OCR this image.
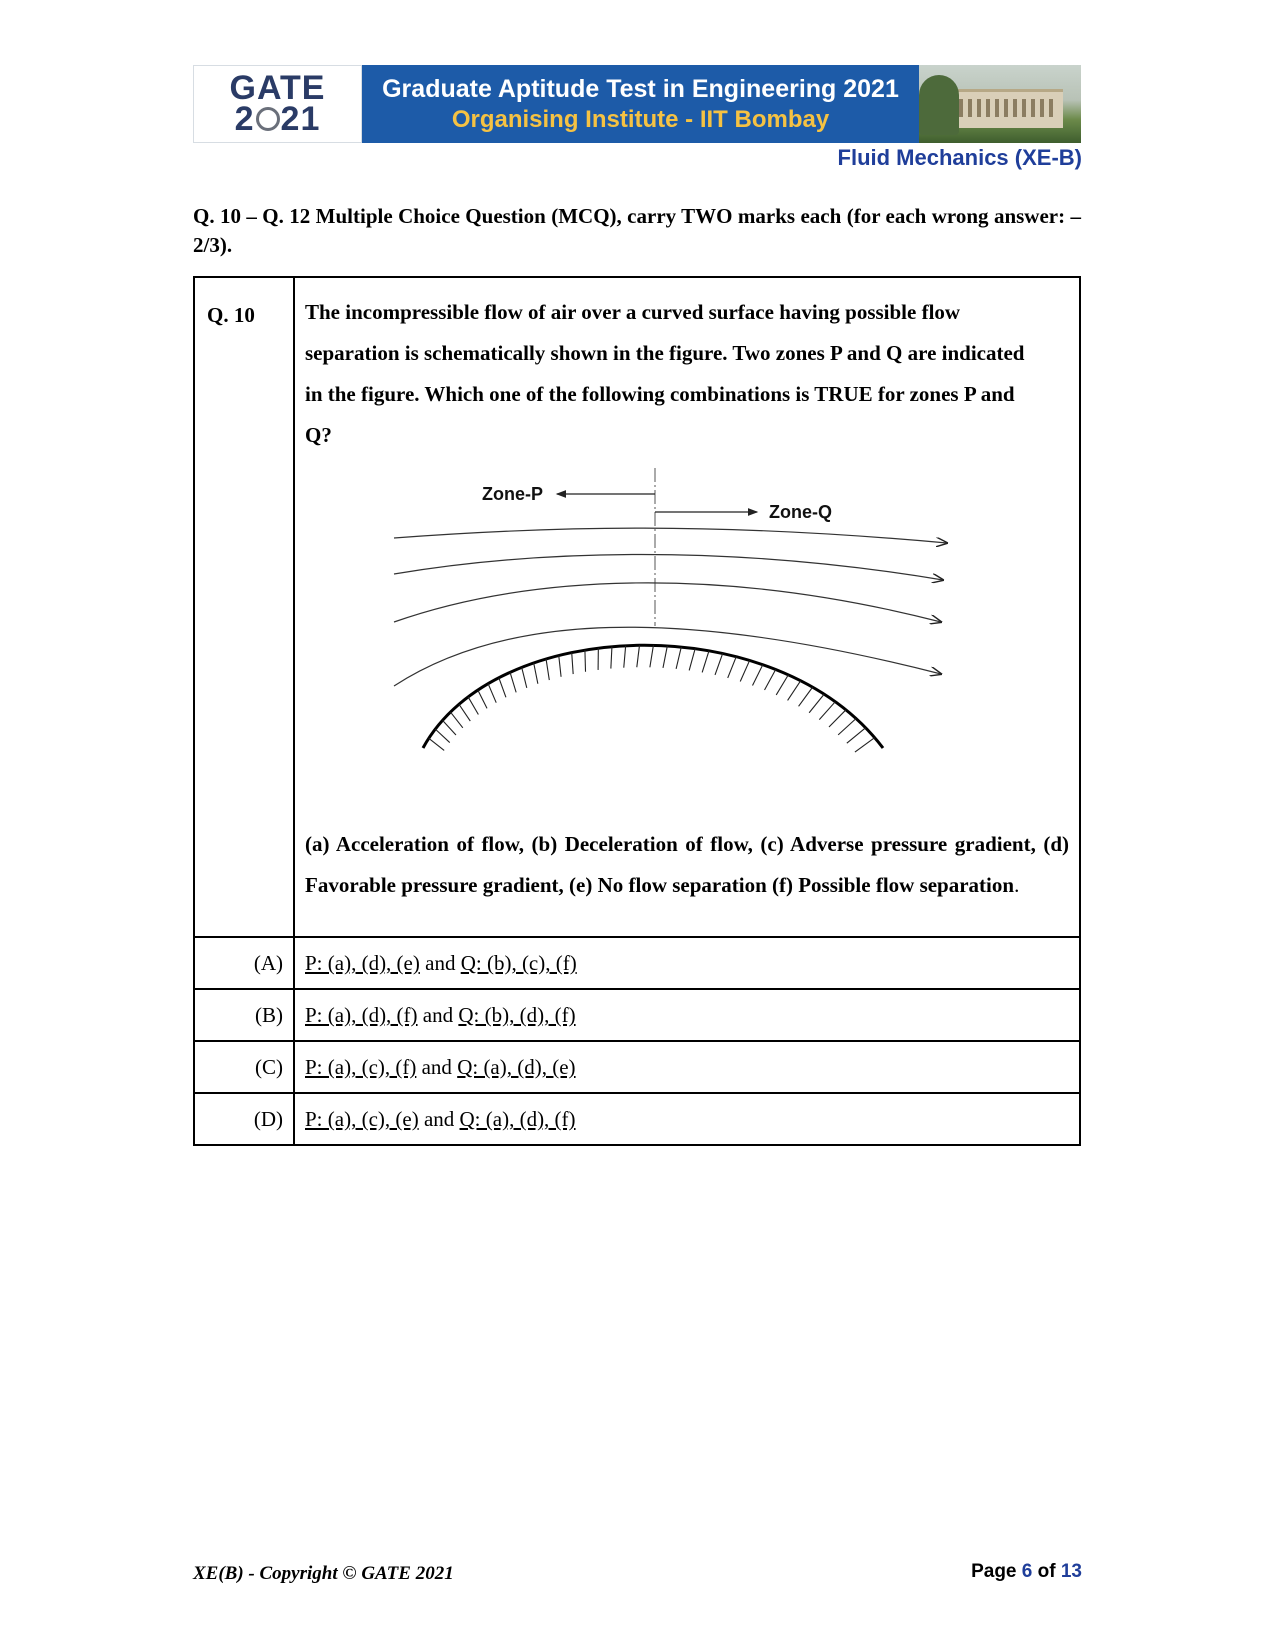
GATE
2 21
Graduate Aptitude Test in Engineering 2021
Organising Institute - IIT Bombay
Fluid Mechanics (XE-B)
Q. 10 – Q. 12 Multiple Choice Question (MCQ), carry TWO marks each (for each wrong answer: – 2/3).
Q. 10	The incompressible flow of air over a curved surface having possible flow separation is schematically shown in the figure. Two zones P and Q are indicated in the figure. Which one of the following combinations is TRUE for zones P and Q?
Zone-P
Zone-Q
(a) Acceleration of flow, (b) Deceleration of flow, (c) Adverse pressure gradient, (d) Favorable pressure gradient, (e) No flow separation (f) Possible flow separation.
(A)	P: (a), (d), (e) and Q: (b), (c), (f)
(B)	P: (a), (d), (f) and Q: (b), (d), (f)
(C)	P: (a), (c), (f) and Q: (a), (d), (e)
(D)	P: (a), (c), (e) and Q: (a), (d), (f)
XE(B) - Copyright © GATE 2021	Page 6 of 13
